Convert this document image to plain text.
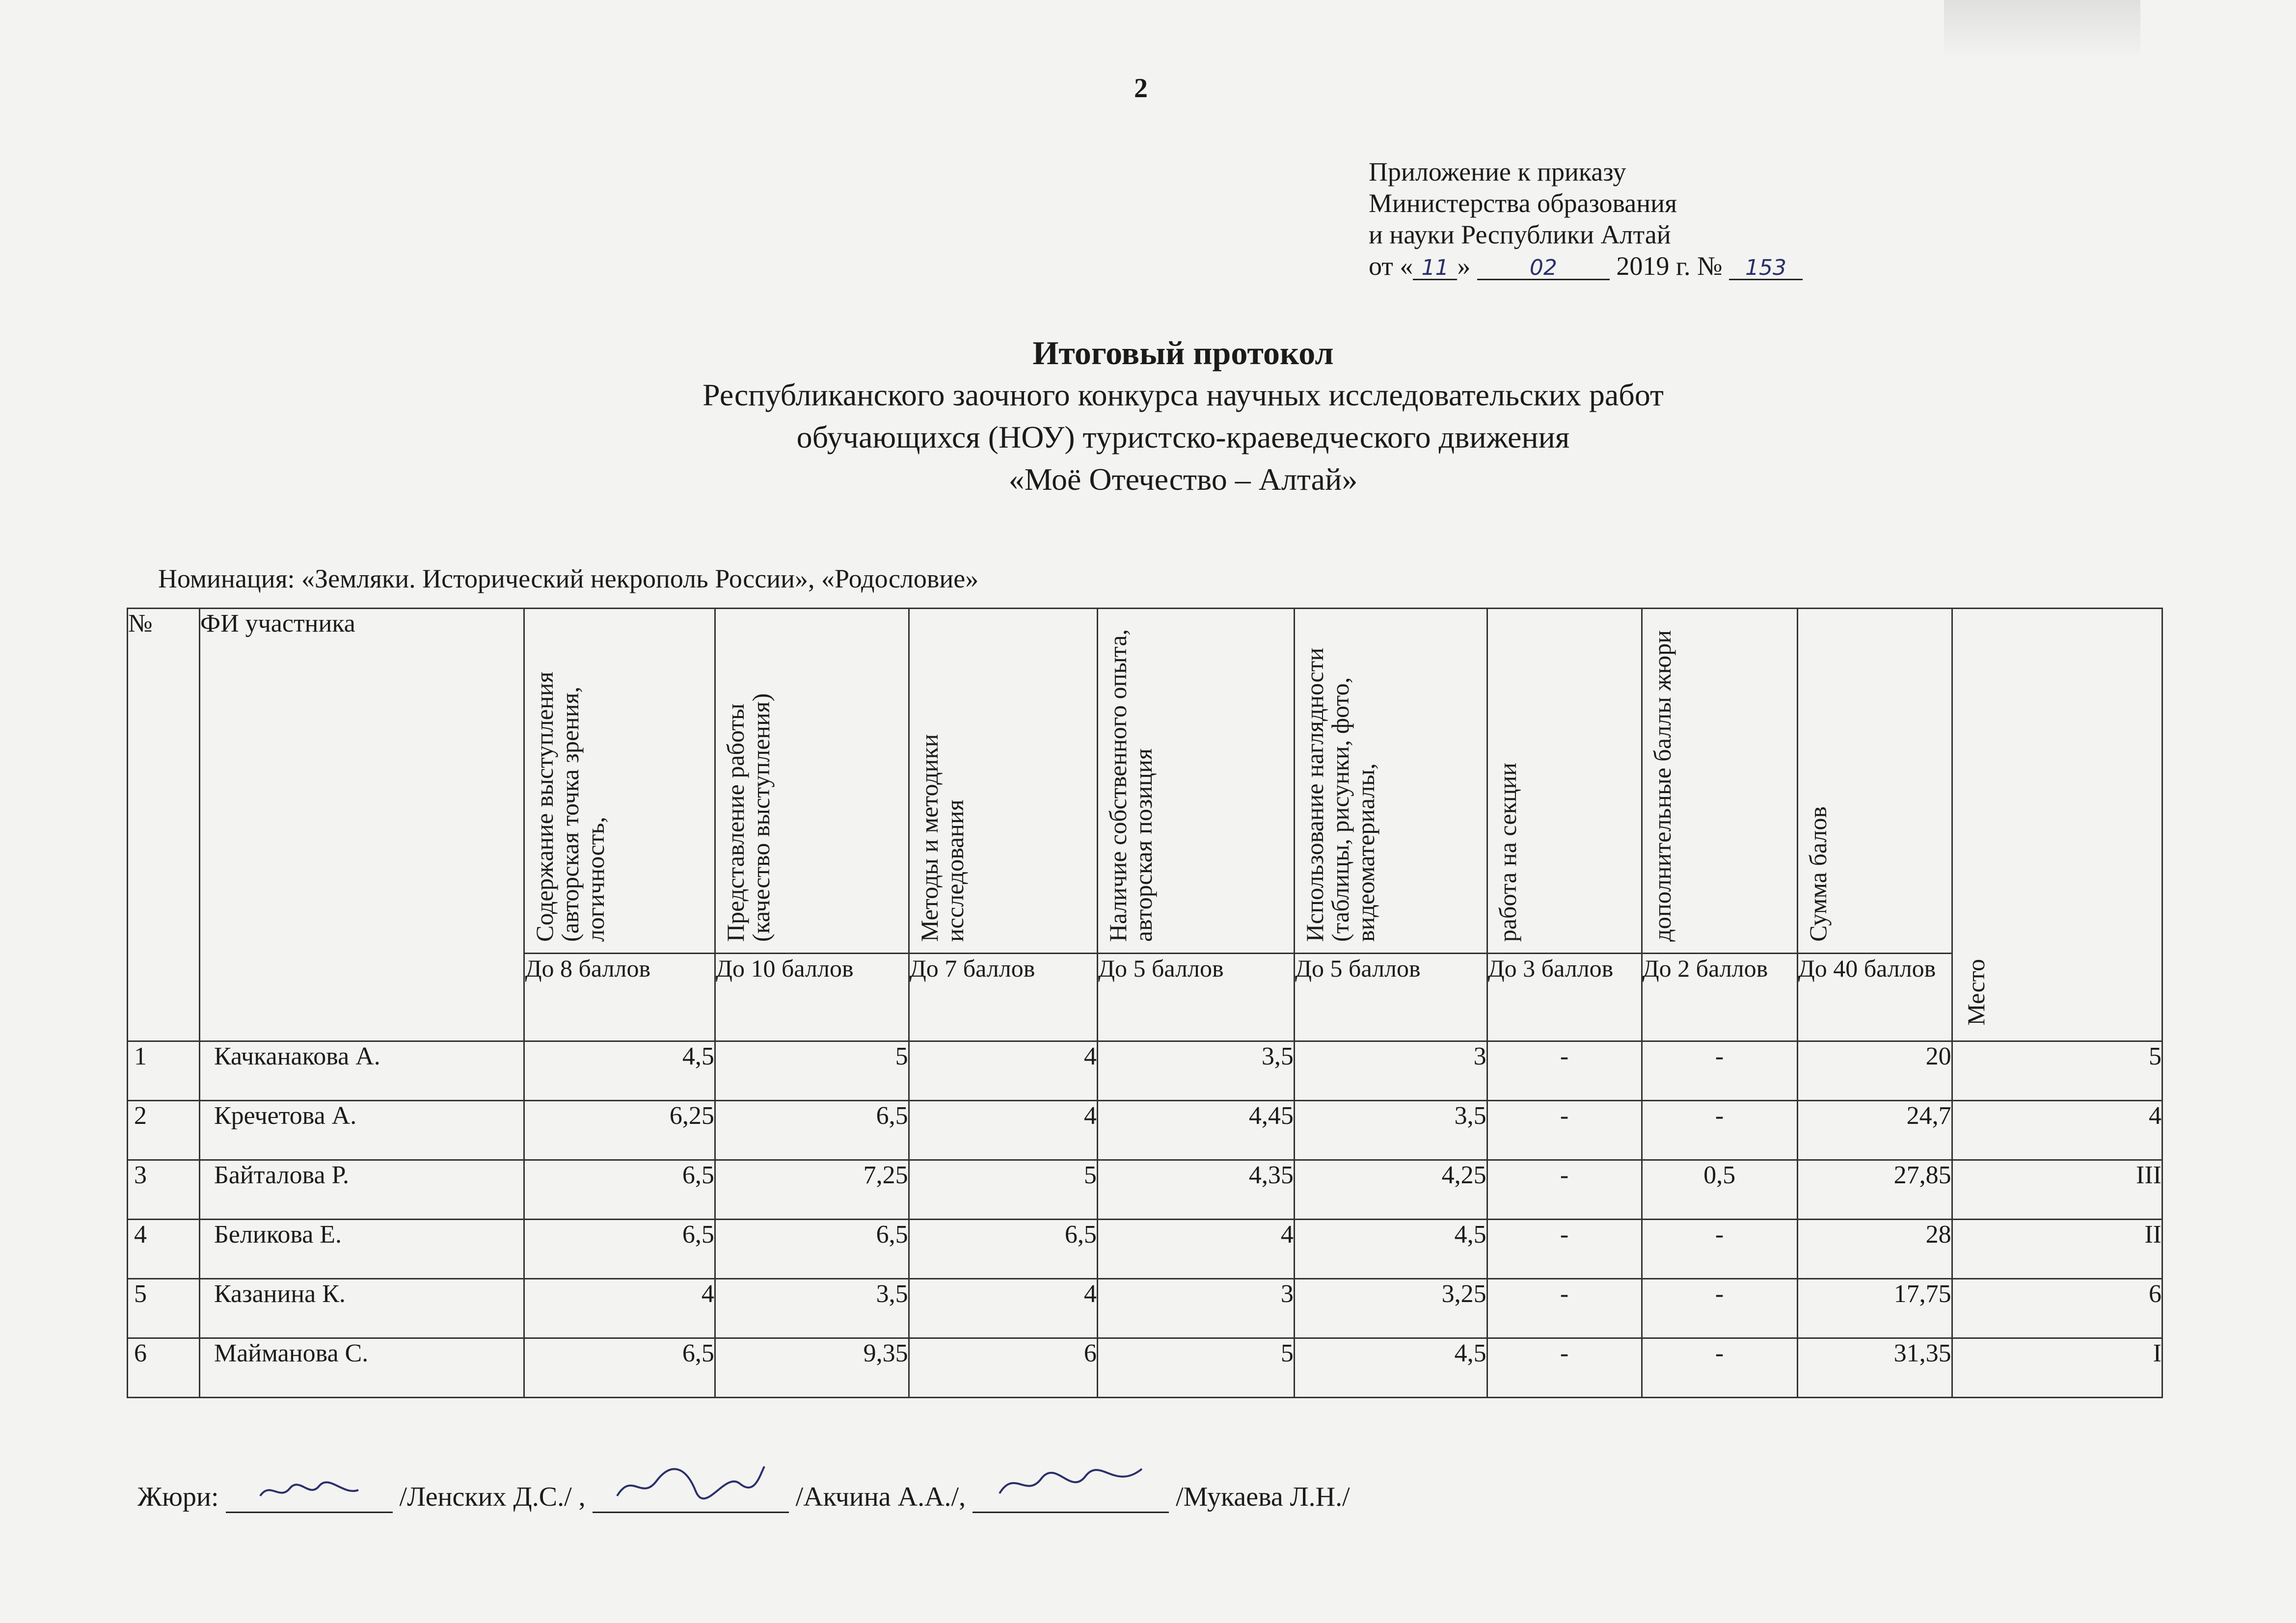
2
Приложение к приказу
Министерства образования
и науки Республики Алтай
от « 11 »	02 2019 г. № 153
Итоговый протокол
Республиканского заочного конкурса научных исследовательских работ
обучающихся (НОУ) туристско-краеведческого движения
«Моё Отечество – Алтай»
Номинация: «Земляки. Исторический некрополь России», «Родословие»
№	ФИ участника	Содержание выступления (авторская точка зрения, логичность,	Представление работы (качество выступления)	Методы и методики исследования	Наличие собственного опыта, авторская позиция	Использование наглядности (таблицы, рисунки, фото, видеоматериалы,	работа на секции	дополнительные баллы жюри	Сумма балов	Место

		До 8 баллов	До 10 баллов	До 7 баллов	До 5 баллов	До 5 баллов	До 3 баллов	До 2 баллов	До 40 баллов	
1	Качканакова А.	4,5	5	4	3,5	3	-	-	20	5
2	Кречетова А.	6,25	6,5	4	4,45	3,5	-	-	24,7	4
3	Байталова Р.	6,5	7,25	5	4,35	4,25	-	0,5	27,85	III
4	Беликова Е.	6,5	6,5	6,5	4	4,5	-	-	28	II
5	Казанина К.	4	3,5	4	3	3,25	-	-	17,75	6
6	Майманова С.	6,5	9,35	6	5	4,5	-	-	31,35	I
Жюри:	/Ленских Д.С./ ,	/Акчина А.А./,	/Мукаева Л.Н./
